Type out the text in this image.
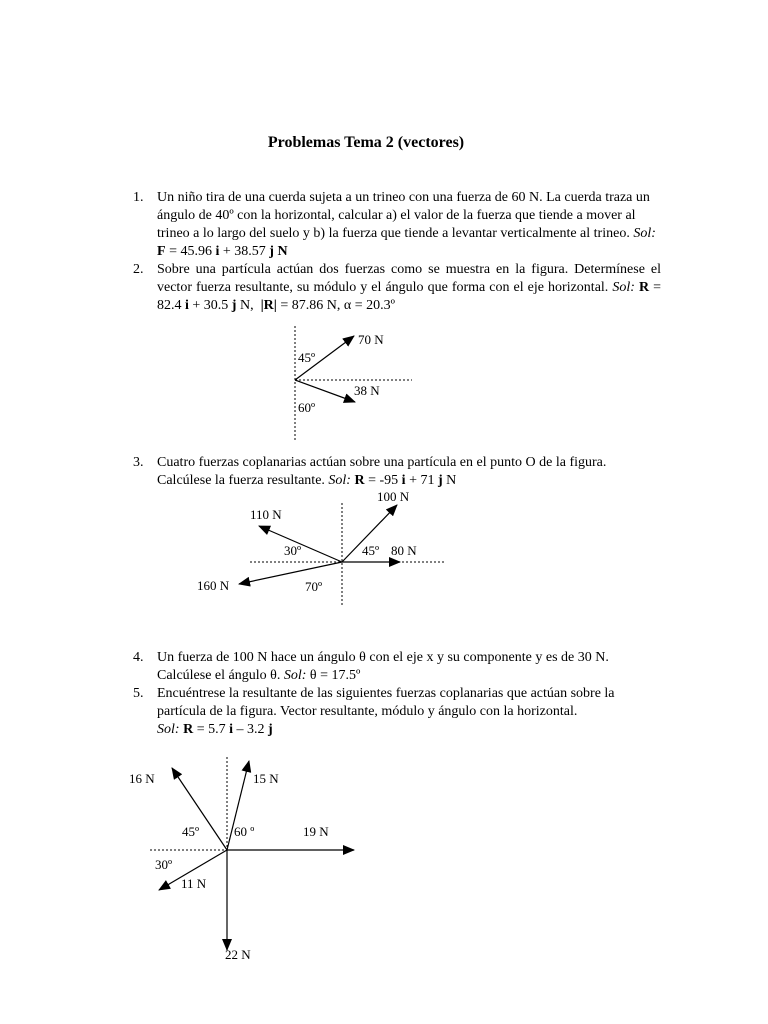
Problemas Tema 2 (vectores)
1. Un niño tira de una cuerda sujeta a un trineo con una fuerza de 60 N. La cuerda traza un ángulo de 40º con la horizontal, calcular a) el valor de la fuerza que tiende a mover al trineo a lo largo del suelo y b) la fuerza que tiende a levantar verticalmente al trineo. Sol: F = 45.96 i + 38.57 j N
2. Sobre una partícula actúan dos fuerzas como se muestra en la figura. Determínese el vector fuerza resultante, su módulo y el ángulo que forma con el eje horizontal. Sol: R = 82.4 i + 30.5 j N, |R| = 87.86 N, α = 20.3º
3. Cuatro fuerzas coplanarias actúan sobre una partícula en el punto O de la figura. Calcúlese la fuerza resultante. Sol: R = -95 i + 71 j N
4. Un fuerza de 100 N hace un ángulo θ con el eje x y su componente y es de 30 N. Calcúlese el ángulo θ. Sol: θ = 17.5º
5. Encuéntrese la resultante de las siguientes fuerzas coplanarias que actúan sobre la partícula de la figura. Vector resultante, módulo y ángulo con la horizontal.
Sol: R = 5.7 i – 3.2 j
70 N
38 N
45º
60º
100 N
110 N
80 N
160 N
30º	45º
70º
16 N	15 N
19 N
11 N
22 N
45º	60 º
30º
